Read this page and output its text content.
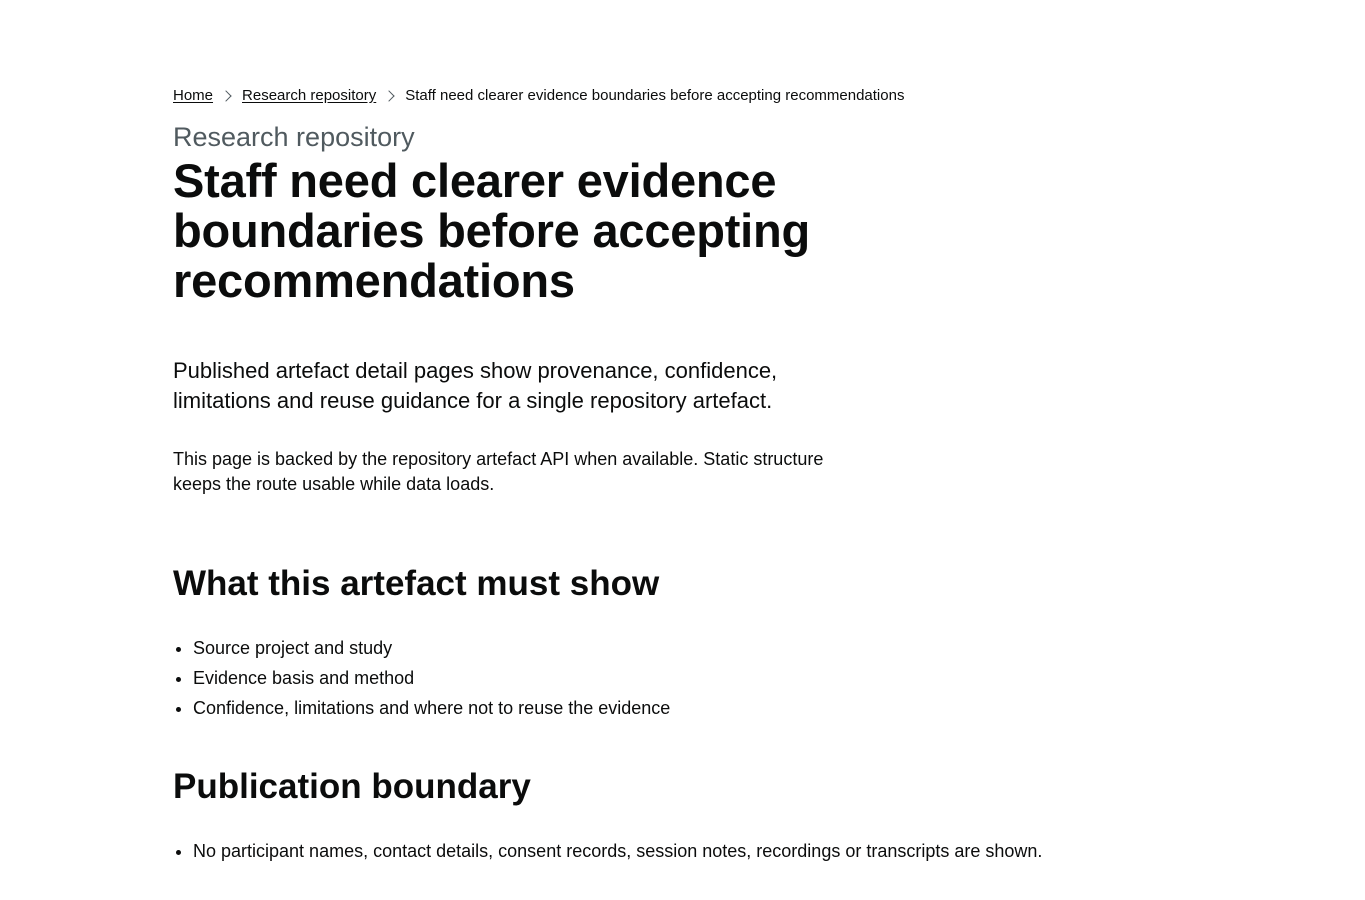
Home Research repository Staff need clearer evidence boundaries before accepting recommendations
Research repository
Staff need clearer evidence boundaries before accepting recommendations

Published artefact detail pages show provenance, confidence, limitations and reuse guidance for a single repository artefact.

This page is backed by the repository artefact API when available. Static structure keeps the route usable while data loads.

What this artefact must show
• Source project and study
• Evidence basis and method
• Confidence, limitations and where not to reuse the evidence
Publication boundary
• No participant names, contact details, consent records, session notes, recordings or transcripts are shown.
